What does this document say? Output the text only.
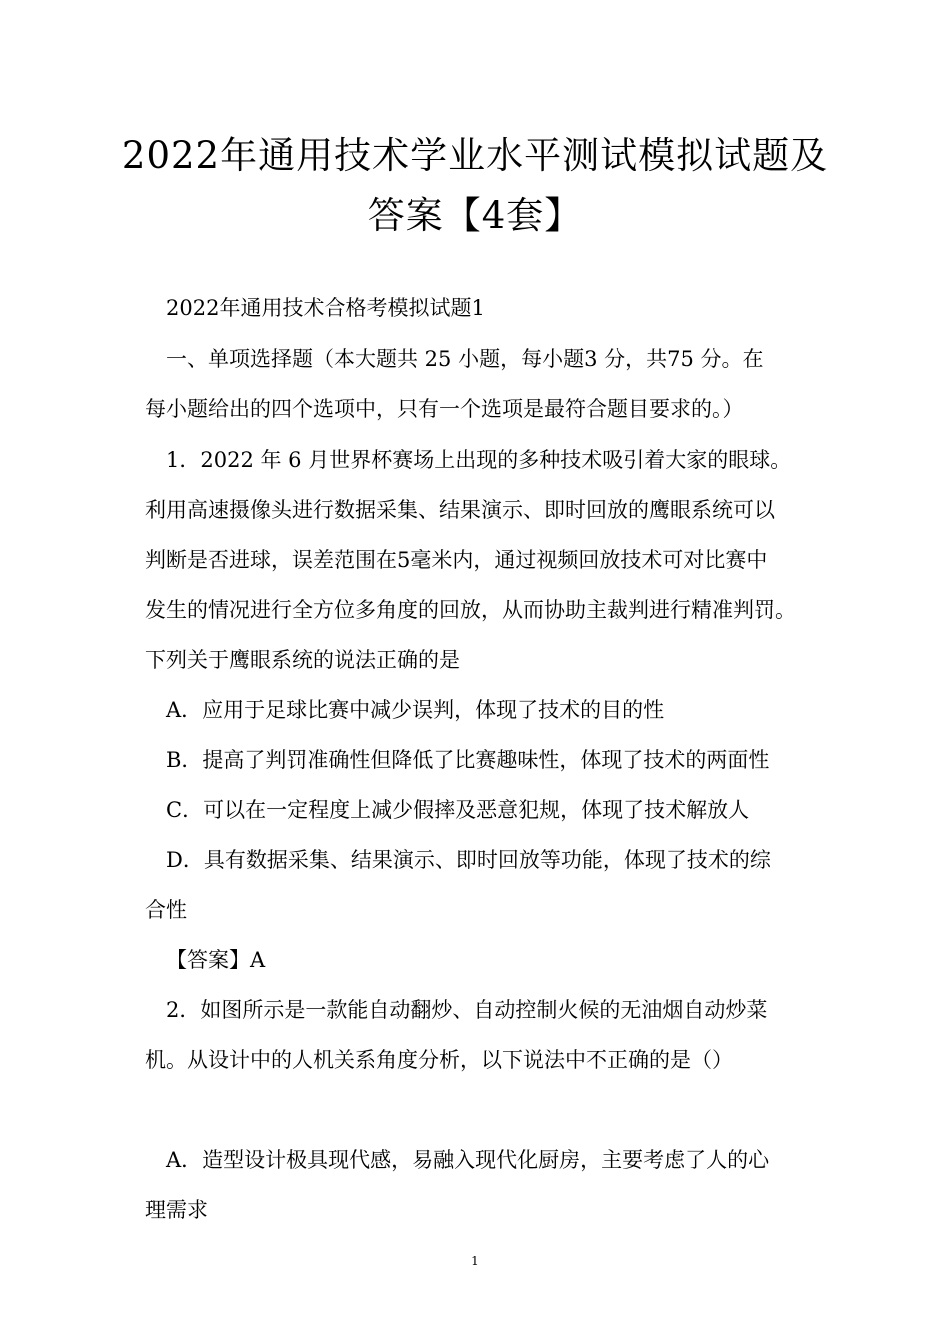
2022年通用技术学业水平测试模拟试题及
答案【4套】
2022年通用技术合格考模拟试题1
一、单项选择题（本大题共 25 小题，每小题3 分，共75 分。在
每小题给出的四个选项中，只有一个选项是最符合题目要求的。）
1．2022 年 6 月世界杯赛场上出现的多种技术吸引着大家的眼球。
利用高速摄像头进行数据采集、结果演示、即时回放的鹰眼系统可以
判断是否进球，误差范围在5毫米内，通过视频回放技术可对比赛中
发生的情况进行全方位多角度的回放，从而协助主裁判进行精准判罚。
下列关于鹰眼系统的说法正确的是
A．应用于足球比赛中减少误判，体现了技术的目的性
B．提高了判罚准确性但降低了比赛趣味性，体现了技术的两面性
C．可以在一定程度上减少假摔及恶意犯规，体现了技术解放人
D．具有数据采集、结果演示、即时回放等功能，体现了技术的综
合性
【答案】A
2．如图所示是一款能自动翻炒、自动控制火候的无油烟自动炒菜
机。从设计中的人机关系角度分析，以下说法中不正确的是（）
A．造型设计极具现代感，易融入现代化厨房，主要考虑了人的心
理需求
1
